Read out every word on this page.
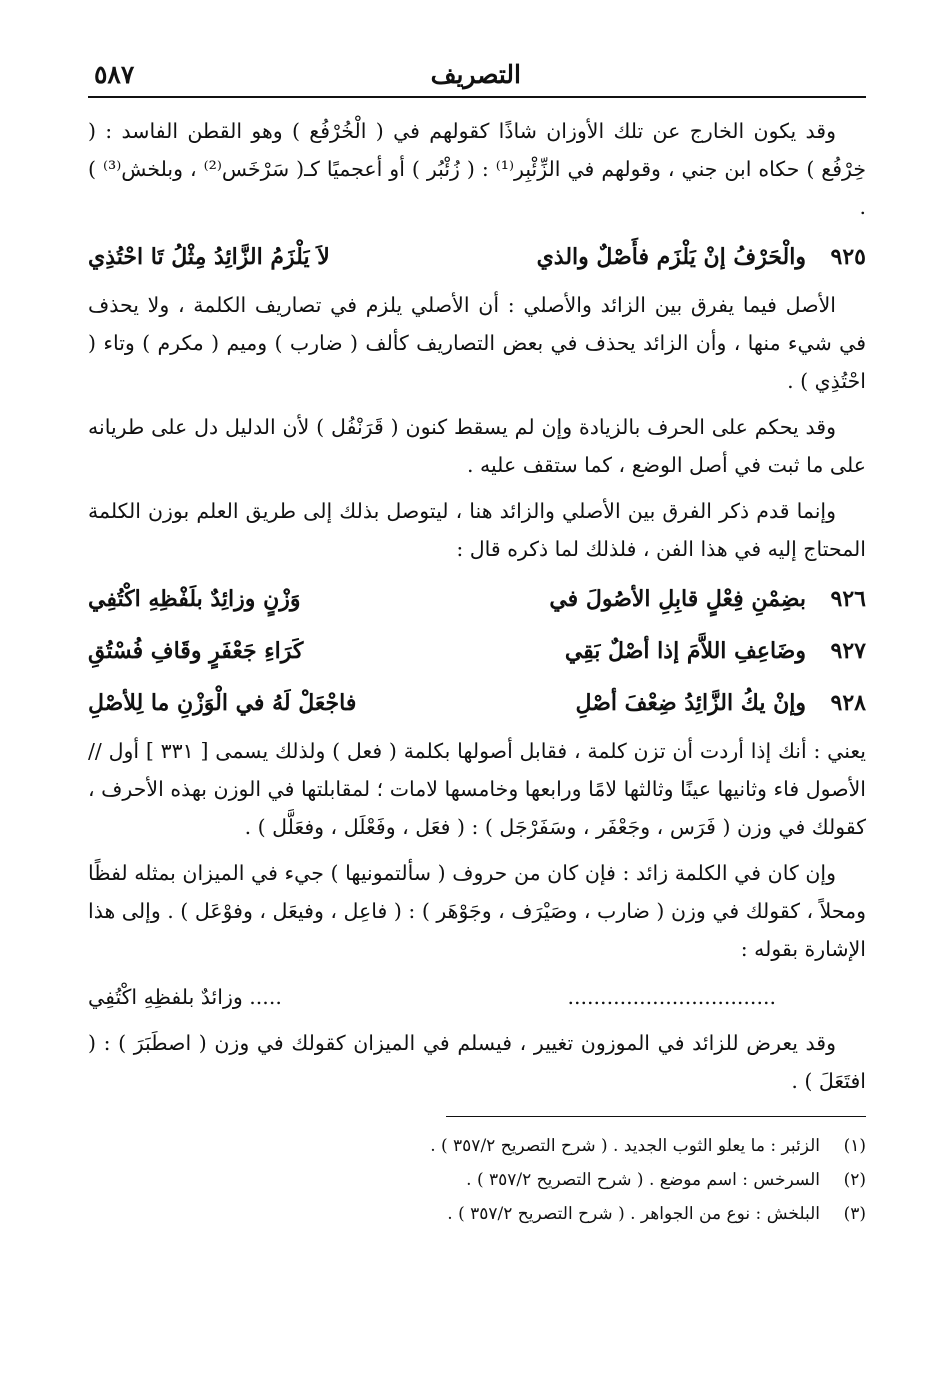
التصريف
٥٨٧

وقد يكون الخارج عن تلك الأوزان شاذًا كقولهم في ( الْخُرْفُع ) وهو القطن الفاسد : ( خِرْفُع ) حكاه ابن جني ، وقولهم في الزِّئْبِر⁽¹⁾ : ( زُئْبُر ) أو أعجميًا كـ( سَرْخَس⁽²⁾ ، وبلخش⁽³⁾ ) .

٩٢٥
والْحَرْفُ إنْ يَلْزَم فأَصْلٌ والذي
لاَ يَلْزَمُ الزَّائِدُ مِثْلُ تَا احْتُذِي

الأصل فيما يفرق بين الزائد والأصلي : أن الأصلي يلزم في تصاريف الكلمة ، ولا يحذف في شيء منها ، وأن الزائد يحذف في بعض التصاريف كألف ( ضارب ) وميم ( مكرم ) وتاء ( احْتُذِي ) .

وقد يحكم على الحرف بالزيادة وإن لم يسقط كنون ( قَرَنْفُل ) لأن الدليل دل على طريانه على ما ثبت في أصل الوضع ، كما ستقف عليه .

وإنما قدم ذكر الفرق بين الأصلي والزائد هنا ، ليتوصل بذلك إلى طريق العلم بوزن الكلمة المحتاج إليه في هذا الفن ، فلذلك لما ذكره قال :

٩٢٦
بضِمْنِ فِعْلٍ قابِلِ الأصُولَ في
وَزْنٍ وزائِدٌ بلَفْظِهِ اكْتُفِي
٩٢٧
وضَاعِفِ اللاَّمَ إذا أصْلٌ بَقِي
كَرَاءِ جَعْفَرٍ وقَافِ فُسْتُقِ
٩٢٨
وإنْ يكُ الزَّائِدُ ضِعْفَ أصْلِ
فاجْعَلْ لَهُ في الْوَزْنِ ما لِلأصْلِ

يعني : أنك إذا أردت أن تزن كلمة ، فقابل أصولها بكلمة ( فعل ) ولذلك يسمى [ ٣٣١ ] أول // الأصول فاء وثانيها عينًا وثالثها لامًا ورابعها وخامسها لامات ؛ لمقابلتها في الوزن بهذه الأحرف ، كقولك في وزن ( فَرَس ، وجَعْفَر ، وسَفَرْجَل ) : ( فعَل ، وفَعْلَل ، وفعَلَّل ) .

وإن كان في الكلمة زائد : فإن كان من حروف ( سألتمونيها ) جيء في الميزان بمثله لفظًا ومحلاً ، كقولك في وزن ( ضارب ، وصَيْرَف ، وجَوْهَر ) : ( فاعِل ، وفيعَل ، وفوْعَل ) . وإلى هذا الإشارة بقوله :

................................
..... وزائدٌ بلفظِهِ اكْتُفِي

وقد يعرض للزائد في الموزون تغيير ، فيسلم في الميزان كقولك في وزن ( اصطَبَرَ ) : ( افتَعَلَ ) .

(١)
الزئبر : ما يعلو الثوب الجديد . ( شرح التصريح ٣٥٧/٢ ) .
(٢)
السرخس : اسم موضع . ( شرح التصريح ٣٥٧/٢ ) .
(٣)
البلخش : نوع من الجواهر . ( شرح التصريح ٣٥٧/٢ ) .
